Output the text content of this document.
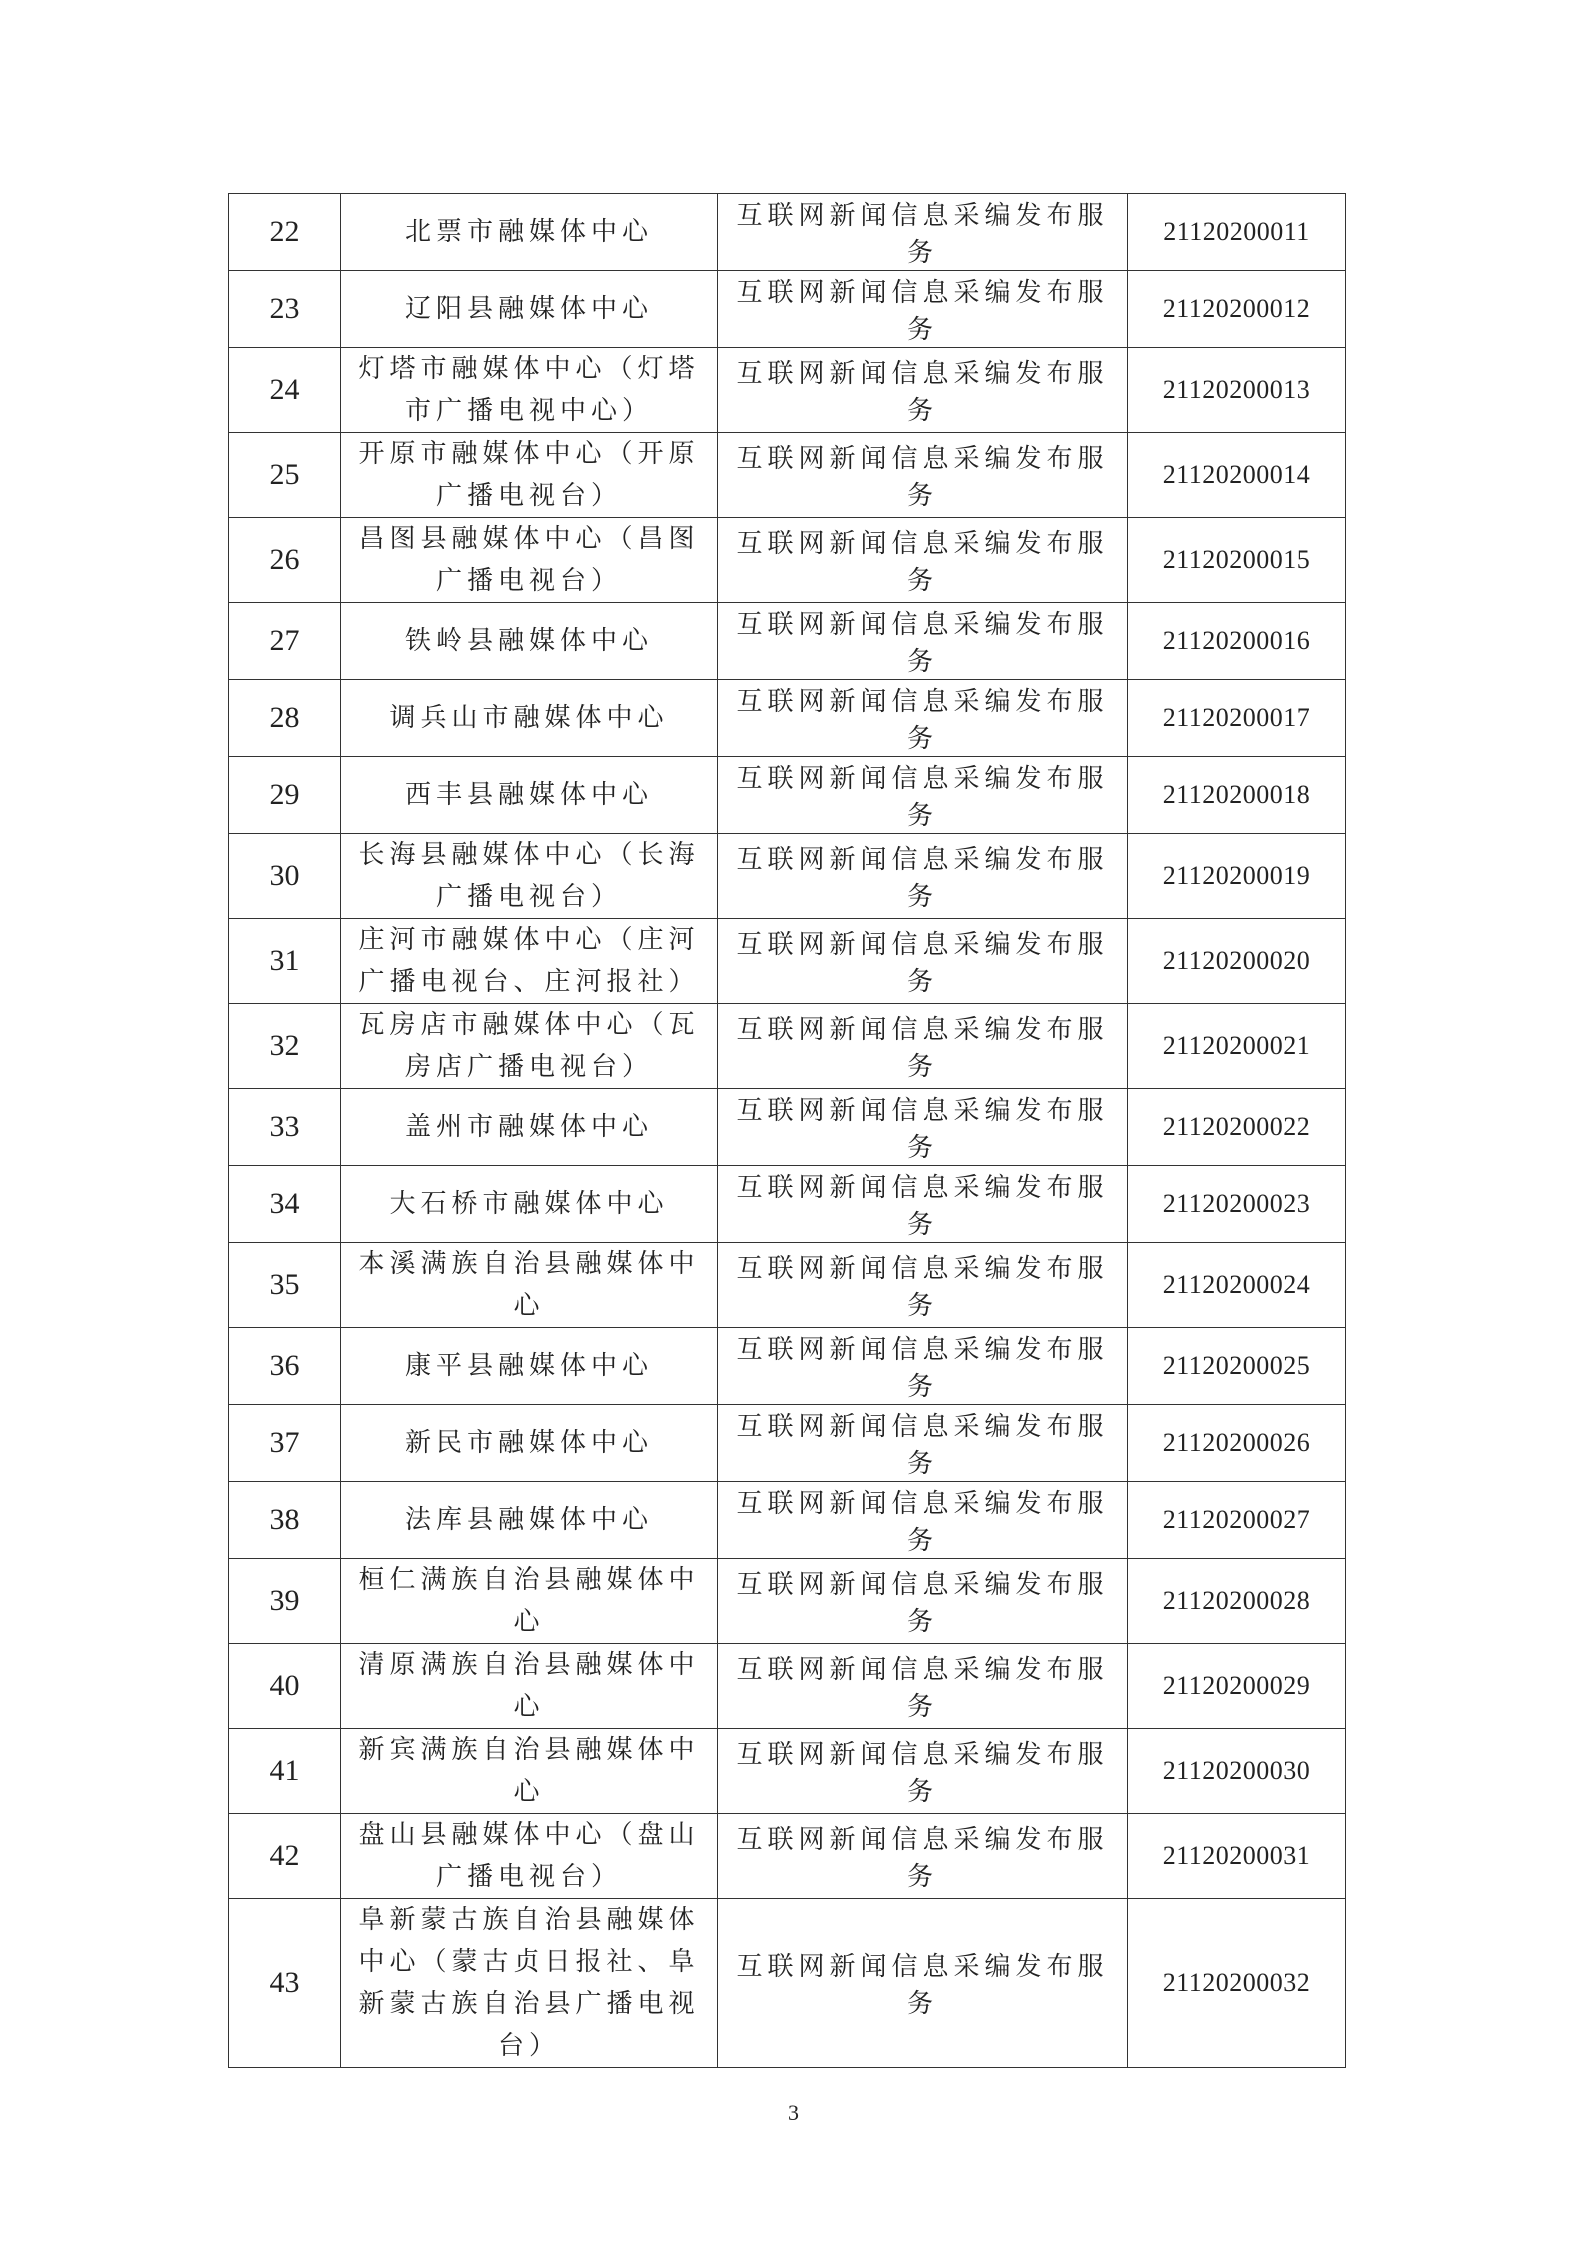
22	北票市融媒体中心	互联网新闻信息采编发布服务	21120200011
23	辽阳县融媒体中心	互联网新闻信息采编发布服务	21120200012
24	灯塔市融媒体中心（灯塔市广播电视中心）	互联网新闻信息采编发布服务	21120200013
25	开原市融媒体中心（开原广播电视台）	互联网新闻信息采编发布服务	21120200014
26	昌图县融媒体中心（昌图广播电视台）	互联网新闻信息采编发布服务	21120200015
27	铁岭县融媒体中心	互联网新闻信息采编发布服务	21120200016
28	调兵山市融媒体中心	互联网新闻信息采编发布服务	21120200017
29	西丰县融媒体中心	互联网新闻信息采编发布服务	21120200018
30	长海县融媒体中心（长海广播电视台）	互联网新闻信息采编发布服务	21120200019
31	庄河市融媒体中心（庄河广播电视台、庄河报社）	互联网新闻信息采编发布服务	21120200020
32	瓦房店市融媒体中心（瓦房店广播电视台）	互联网新闻信息采编发布服务	21120200021
33	盖州市融媒体中心	互联网新闻信息采编发布服务	21120200022
34	大石桥市融媒体中心	互联网新闻信息采编发布服务	21120200023
35	本溪满族自治县融媒体中心	互联网新闻信息采编发布服务	21120200024
36	康平县融媒体中心	互联网新闻信息采编发布服务	21120200025
37	新民市融媒体中心	互联网新闻信息采编发布服务	21120200026
38	法库县融媒体中心	互联网新闻信息采编发布服务	21120200027
39	桓仁满族自治县融媒体中心	互联网新闻信息采编发布服务	21120200028
40	清原满族自治县融媒体中心	互联网新闻信息采编发布服务	21120200029
41	新宾满族自治县融媒体中心	互联网新闻信息采编发布服务	21120200030
42	盘山县融媒体中心（盘山广播电视台）	互联网新闻信息采编发布服务	21120200031
43	阜新蒙古族自治县融媒体中心（蒙古贞日报社、阜新蒙古族自治县广播电视台）	互联网新闻信息采编发布服务	21120200032
3
